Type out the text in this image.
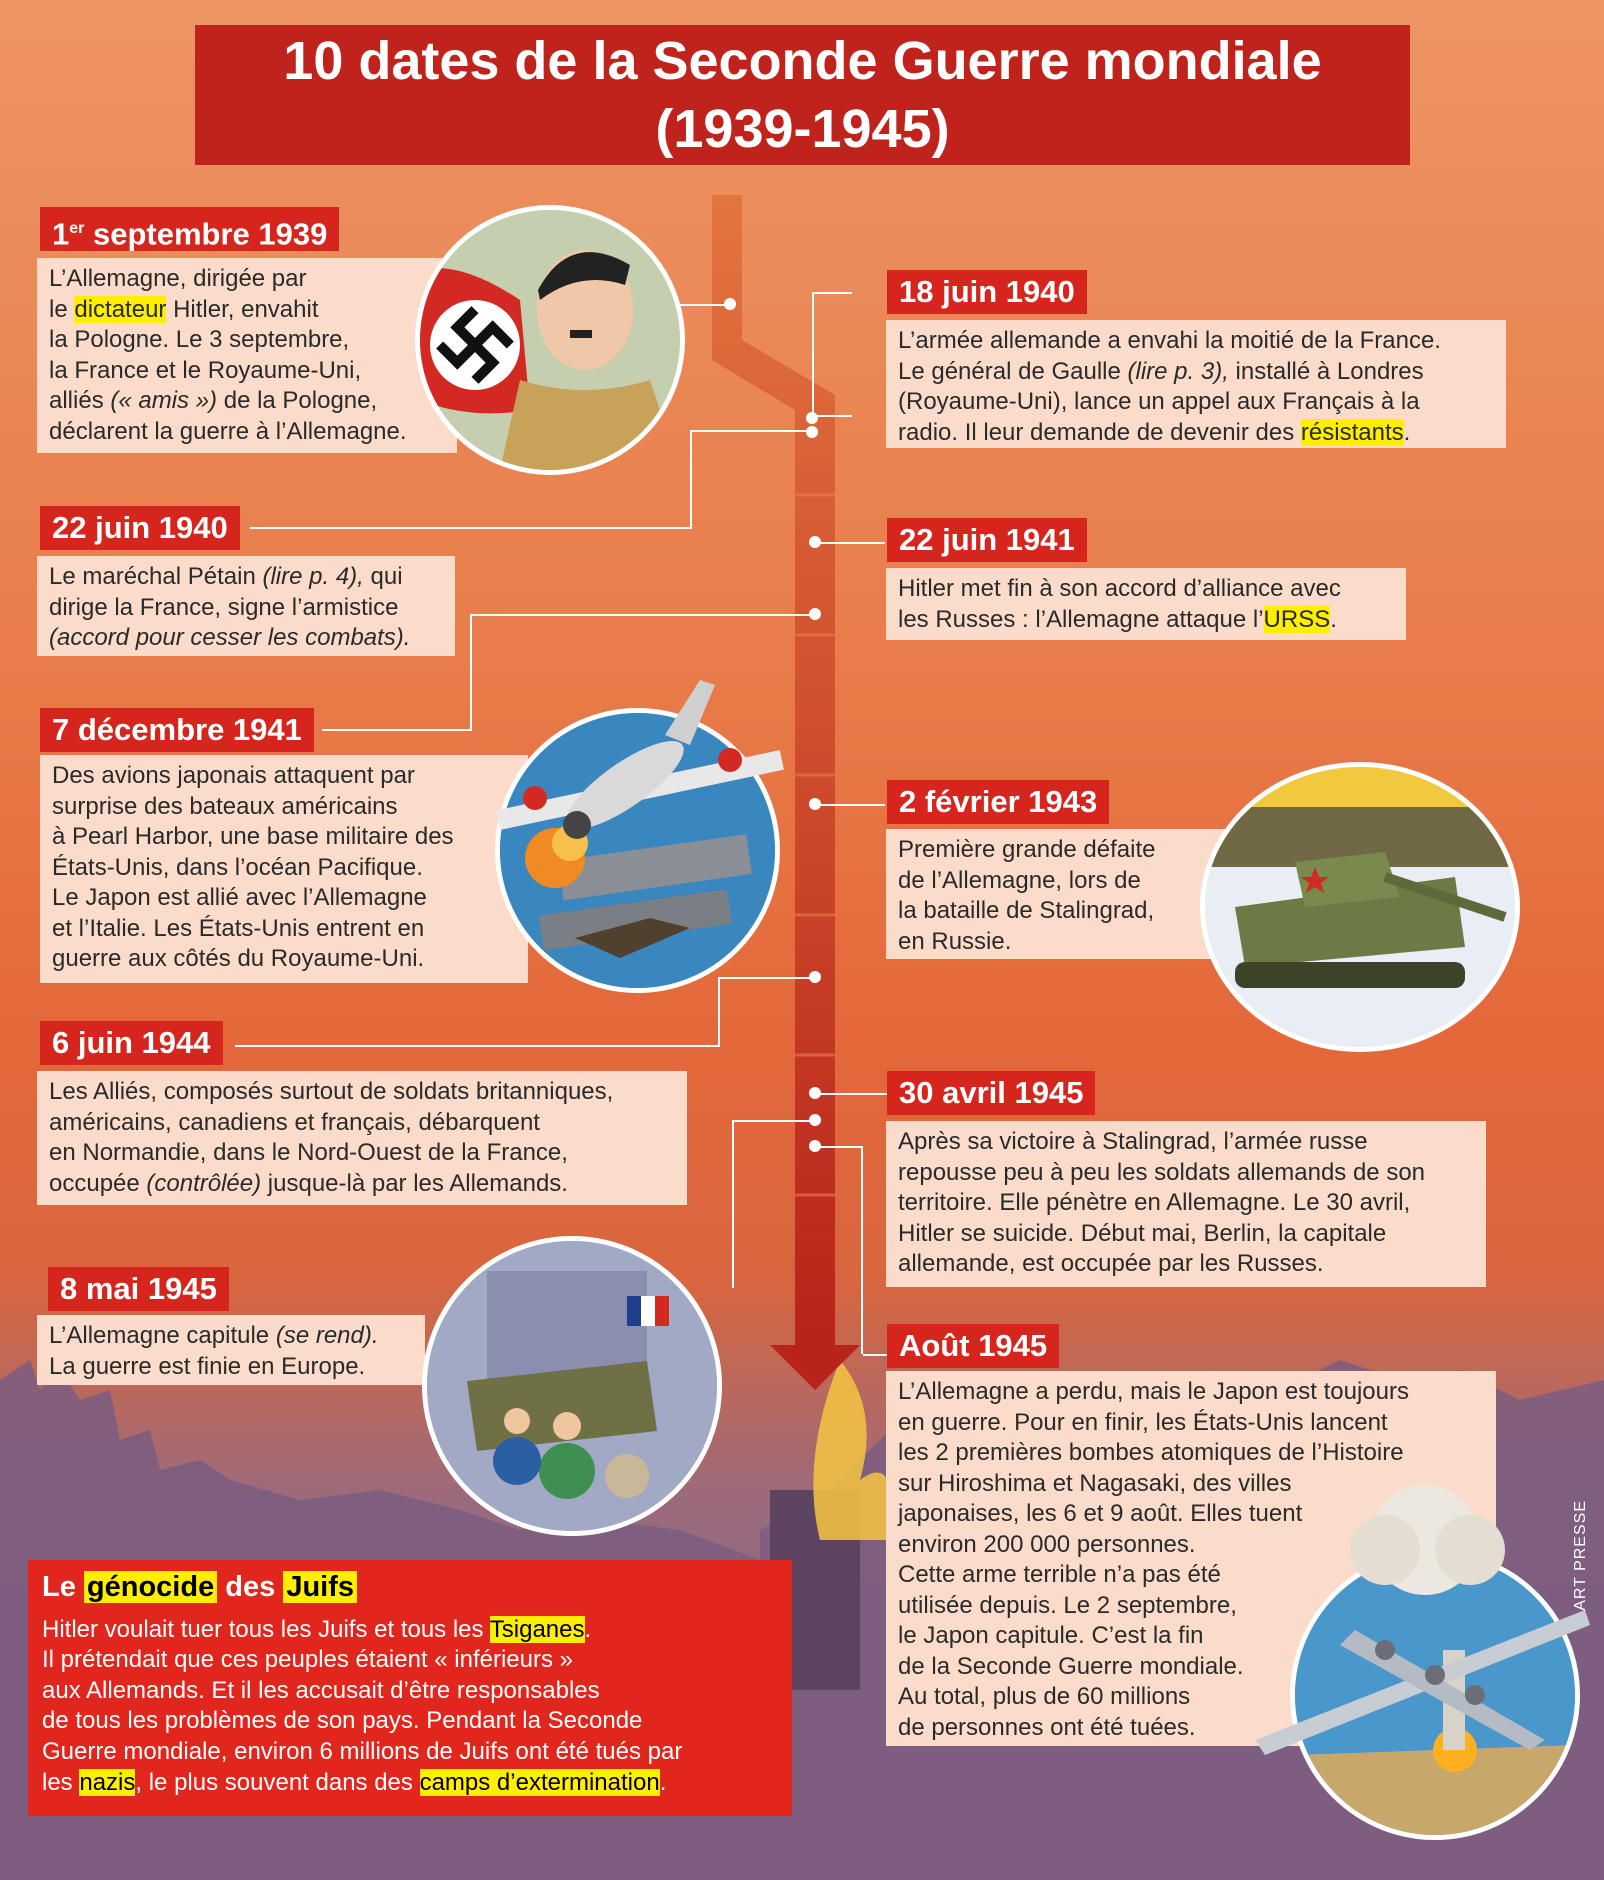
10 dates de la Seconde Guerre mondiale
(1939-1945)
1er septembre 1939
L’Allemagne, dirigée par
le dictateur Hitler, envahit
la Pologne. Le 3 septembre,
la France et le Royaume-Uni,
alliés (« amis ») de la Pologne,
déclarent la guerre à l’Allemagne.
18 juin 1940
L’armée allemande a envahi la moitié de la France.
Le général de Gaulle (lire p. 3), installé à Londres
(Royaume-Uni), lance un appel aux Français à la
radio. Il leur demande de devenir des résistants.
22 juin 1940
Le maréchal Pétain (lire p. 4), qui
dirige la France, signe l’armistice
(accord pour cesser les combats).
22 juin 1941
Hitler met fin à son accord d’alliance avec
les Russes : l’Allemagne attaque l’URSS.
7 décembre 1941
Des avions japonais attaquent par
surprise des bateaux américains
à Pearl Harbor, une base militaire des
États-Unis, dans l’océan Pacifique.
Le Japon est allié avec l’Allemagne
et l’Italie. Les États-Unis entrent en
guerre aux côtés du Royaume-Uni.
2 février 1943
Première grande défaite
de l’Allemagne, lors de
la bataille de Stalingrad,
en Russie.
6 juin 1944
Les Alliés, composés surtout de soldats britanniques,
américains, canadiens et français, débarquent
en Normandie, dans le Nord-Ouest de la France,
occupée (contrôlée) jusque-là par les Allemands.
30 avril 1945
Après sa victoire à Stalingrad, l’armée russe
repousse peu à peu les soldats allemands de son
territoire. Elle pénètre en Allemagne. Le 30 avril,
Hitler se suicide. Début mai, Berlin, la capitale
allemande, est occupée par les Russes.
8 mai 1945
L’Allemagne capitule (se rend).
La guerre est finie en Europe.
Août 1945
L’Allemagne a perdu, mais le Japon est toujours
en guerre. Pour en finir, les États-Unis lancent
les 2 premières bombes atomiques de l’Histoire
sur Hiroshima et Nagasaki, des villes
japonaises, les 6 et 9 août. Elles tuent
environ 200 000 personnes.
Cette arme terrible n’a pas été
utilisée depuis. Le 2 septembre,
le Japon capitule. C’est la fin
de la Seconde Guerre mondiale.
Au total, plus de 60 millions
de personnes ont été tuées.
Le génocide des Juifs
Hitler voulait tuer tous les Juifs et tous les Tsiganes.
Il prétendait que ces peuples étaient « inférieurs »
aux Allemands. Et il les accusait d’être responsables
de tous les problèmes de son pays. Pendant la Seconde
Guerre mondiale, environ 6 millions de Juifs ont été tués par
les nazis, le plus souvent dans des camps d’extermination.
ART PRESSE
